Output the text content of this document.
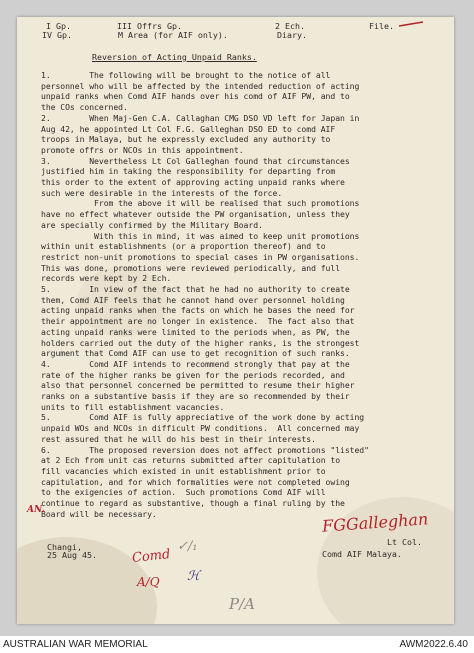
I Gp.
IV Gp.
III Offrs Gp.
M Area (for AIF only).
2 Ech.
Diary.
File.
Reversion of Acting Unpaid Ranks.
1.        The following will be brought to the notice of all
personnel who will be affected by the intended reduction of acting
unpaid ranks when Comd AIF hands over his comd of AIF PW, and to
the COs concerned.
2.        When Maj-Gen C.A. Callaghan CMG DSO VD left for Japan in
Aug 42, he appointed Lt Col F.G. Galleghan DSO ED to comd AIF
troops in Malaya, but he expressly excluded any authority to
promote offrs or NCOs in this appointment.
3.        Nevertheless Lt Col Galleghan found that circumstances
justified him in taking the responsibility for departing from
this order to the extent of approving acting unpaid ranks where
such were desirable in the interests of the force.
From the above it will be realised that such promotions
have no effect whatever outside the PW organisation, unless they
are specially confirmed by the Military Board.
With this in mind, it was aimed to keep unit promotions
within unit establishments (or a proportion thereof) and to
restrict non-unit promotions to special cases in PW organisations.
This was done, promotions were reviewed periodically, and full
records were kept by 2 Ech.
5.        In view of the fact that he had no authority to create
them, Comd AIF feels that he cannot hand over personnel holding
acting unpaid ranks when the facts on which he bases the need for
their appointment are no longer in existence.  The fact also that
acting unpaid ranks were limited to the periods when, as PW, the
holders carried out the duty of the higher ranks, is the strongest
argument that Comd AIF can use to get recognition of such ranks.
4.        Comd AIF intends to recommend strongly that pay at the
rate of the higher ranks be given for the periods recorded, and
also that personnel concerned be permitted to resume their higher
ranks on a substantive basis if they are so recommended by their
units to fill establishment vacancies.
5.        Comd AIF is fully appreciative of the work done by acting
unpaid WOs and NCOs in difficult PW conditions.  All concerned may
rest assured that he will do his best in their interests.
6.        The proposed reversion does not affect promotions "listed"
at 2 Ech from unit cas returns submitted after capitulation to
fill vacancies which existed in unit establishment prior to
capitulation, and for which formalities were not completed owing
to the exigencies of action.  Such promotions Comd AIF will
continue to regard as substantive, though a final ruling by the
Board will be necessary.
Changi,
25 Aug 45.
Lt Col.
Comd AIF Malaya.
FGGalleghan
AN.
Comd
✓/₁
A/Q ℋ
P/A
AUSTRALIAN WAR MEMORIAL	AWM2022.6.40
